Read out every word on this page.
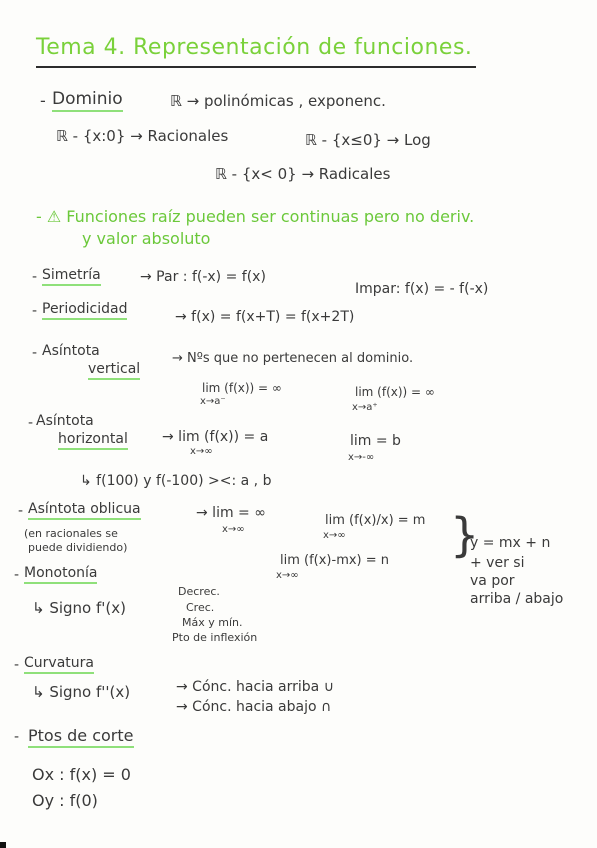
Tema 4. Representación de funciones.
- Dominio	ℝ → polinómicas , exponenc.
ℝ - {x:0} → Racionales	ℝ - {x≤0} → Log
ℝ - {x< 0} → Radicales
- ⚠ Funciones raíz pueden ser continuas pero no deriv.
y valor absoluto
- Simetría	→ Par : f(-x) = f(x)
Impar: f(x) = - f(-x)
- Periodicidad	→ f(x) = f(x+T) = f(x+2T)
- Asíntota
vertical
→ Nºs que no pertenecen al dominio.
lim (f(x)) = ∞
x→a⁻
lim (f(x)) = ∞
x→a⁺
- Asíntota
horizontal → lim (f(x)) = a
x→∞
lim = b
x→-∞
↳ f(100) y f(-100) ><: a , b
- Asíntota oblicua	→ lim = ∞
x→∞
(en racionales se
puede dividiendo)
lim (f(x)/x) = m
x→∞
lim (f(x)-mx) = n
x→∞
}
y = mx + n
+ ver si
va por
arriba / abajo
- Monotonía
↳ Signo f'(x)
Decrec.
Crec.
Máx y mín.
Pto de inflexión
- Curvatura
↳ Signo f''(x)	→ Cónc. hacia arriba ∪
→ Cónc. hacia abajo ∩
- Ptos de corte
Ox : f(x) = 0
Oy : f(0)
